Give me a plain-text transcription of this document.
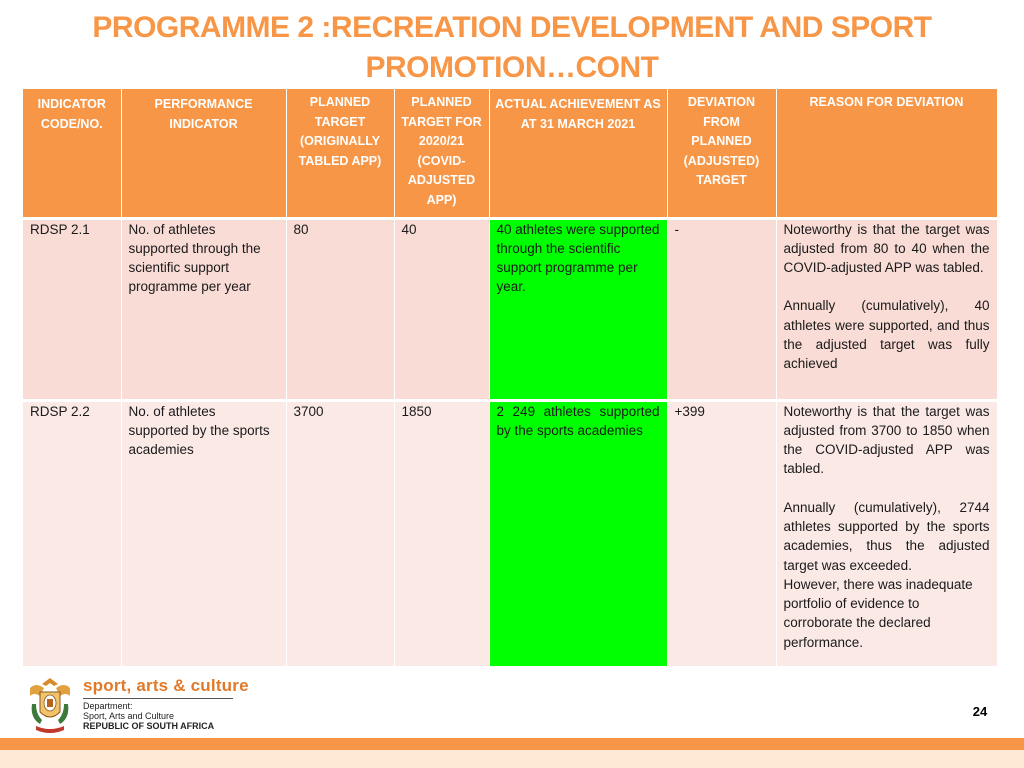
PROGRAMME 2 :RECREATION DEVELOPMENT AND SPORT
PROMOTION…CONT
INDICATOR CODE/NO.	PERFORMANCE INDICATOR	PLANNED TARGET (ORIGINALLY TABLED APP)	PLANNED TARGET FOR 2020/21 (COVID-ADJUSTED APP)	ACTUAL ACHIEVEMENT AS AT 31 MARCH 2021	DEVIATION FROM PLANNED (ADJUSTED) TARGET	REASON FOR DEVIATION
RDSP 2.1	No. of athletes supported through the scientific support programme per year	80	40	40 athletes were supported through the scientific support programme per year.	-	Noteworthy is that the target was adjusted from 80 to 40 when the COVID-adjusted APP was tabled.
Annually (cumulatively), 40 athletes were supported, and thus the adjusted target was fully achieved

RDSP 2.2	No. of athletes supported by the sports academies	3700	1850	2 249 athletes supported by the sports academies	+399	Noteworthy is that the target was adjusted from 3700 to 1850 when the COVID-adjusted APP was tabled.
Annually (cumulatively), 2744 athletes supported by the sports academies, thus the adjusted target was exceeded.
However, there was inadequate portfolio of evidence to corroborate the declared performance.
sport, arts & culture
Department:
Sport, Arts and Culture
REPUBLIC OF SOUTH AFRICA
24
